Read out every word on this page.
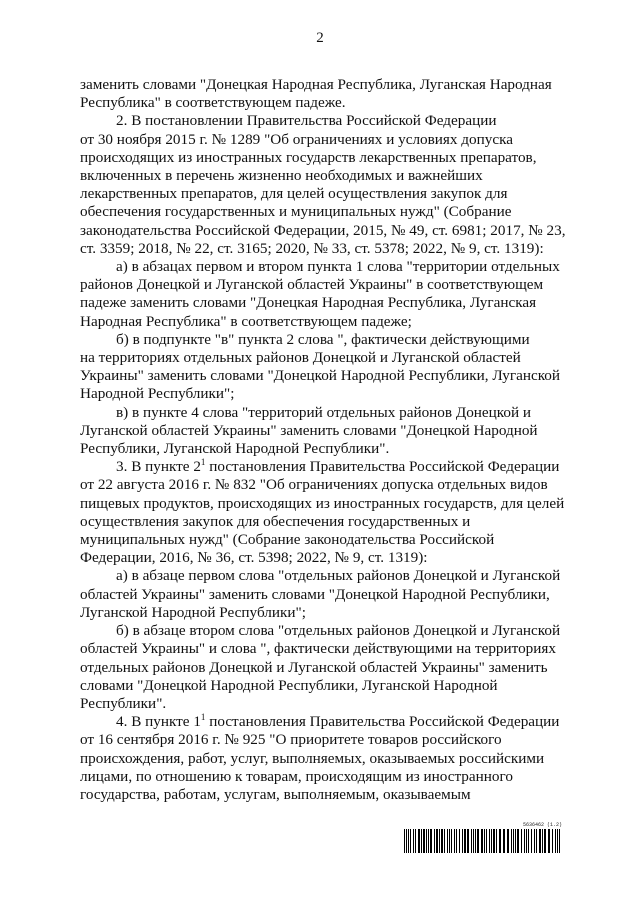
2
заменить словами "Донецкая Народная Республика, Луганская Народная
Республика" в соответствующем падеже.
2. В постановлении Правительства Российской Федерации
от 30 ноября 2015 г. № 1289 "Об ограничениях и условиях допуска
происходящих из иностранных государств лекарственных препаратов,
включенных в перечень жизненно необходимых и важнейших
лекарственных препаратов, для целей осуществления закупок для
обеспечения государственных и муниципальных нужд" (Собрание
законодательства Российской Федерации, 2015, № 49, ст. 6981; 2017, № 23,
ст. 3359; 2018, № 22, ст. 3165; 2020, № 33, ст. 5378; 2022, № 9, ст. 1319):
а) в абзацах первом и втором пункта 1 слова "территории отдельных
районов Донецкой и Луганской областей Украины" в соответствующем
падеже заменить словами "Донецкая Народная Республика, Луганская
Народная Республика" в соответствующем падеже;
б) в подпункте "в" пункта 2 слова ", фактически действующими
на территориях отдельных районов Донецкой и Луганской областей
Украины" заменить словами "Донецкой Народной Республики, Луганской
Народной Республики";
в) в пункте 4 слова "территорий отдельных районов Донецкой и
Луганской областей Украины" заменить словами "Донецкой Народной
Республики, Луганской Народной Республики".
3. В пункте $2^1$ постановления Правительства Российской Федерации
от 22 августа 2016 г. № 832 "Об ограничениях допуска отдельных видов
пищевых продуктов, происходящих из иностранных государств, для целей
осуществления закупок для обеспечения государственных и
муниципальных нужд" (Собрание законодательства Российской
Федерации, 2016, № 36, ст. 5398; 2022, № 9, ст. 1319):
а) в абзаце первом слова "отдельных районов Донецкой и Луганской
областей Украины" заменить словами "Донецкой Народной Республики,
Луганской Народной Республики";
б) в абзаце втором слова "отдельных районов Донецкой и Луганской
областей Украины" и слова ", фактически действующими на территориях
отдельных районов Донецкой и Луганской областей Украины" заменить
словами "Донецкой Народной Республики, Луганской Народной
Республики".
4. В пункте $1^1$ постановления Правительства Российской Федерации
от 16 сентября 2016 г. № 925 "О приоритете товаров российского
происхождения, работ, услуг, выполняемых, оказываемых российскими
лицами, по отношению к товарам, происходящим из иностранного
государства, работам, услугам, выполняемым, оказываемым
5636462 (1.2)
